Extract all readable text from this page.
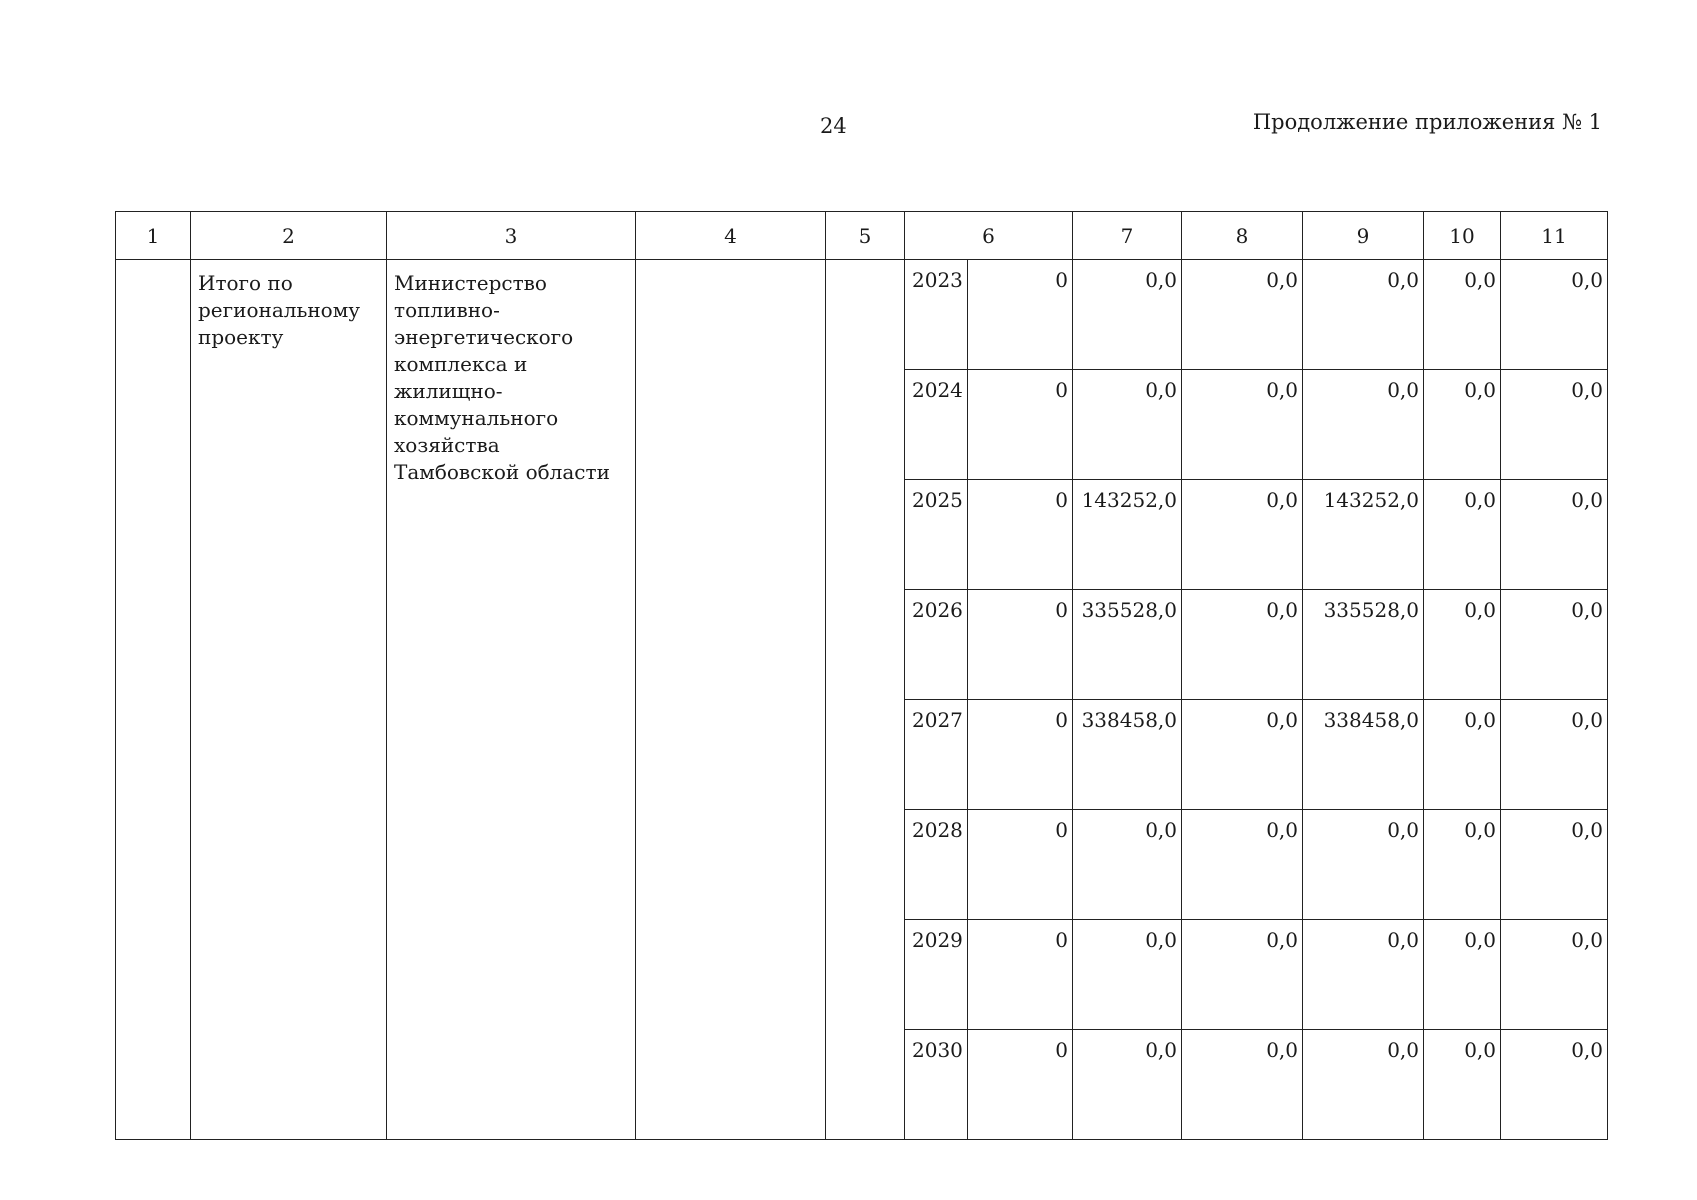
24	Продолжение приложения № 1
1	2	3	4	5	6		7	8	9	10	11
	Итого по региональному проекту	Министерство топливно-энергетического комплекса и жилищно-коммунального хозяйства Тамбовской области			2023	0	0,0	0,0	0,0	0,0	0,0
					2024	0	0,0	0,0	0,0	0,0	0,0
					2025	0	143252,0	0,0	143252,0	0,0	0,0
					2026	0	335528,0	0,0	335528,0	0,0	0,0
					2027	0	338458,0	0,0	338458,0	0,0	0,0
					2028	0	0,0	0,0	0,0	0,0	0,0
					2029	0	0,0	0,0	0,0	0,0	0,0
					2030	0	0,0	0,0	0,0	0,0	0,0
